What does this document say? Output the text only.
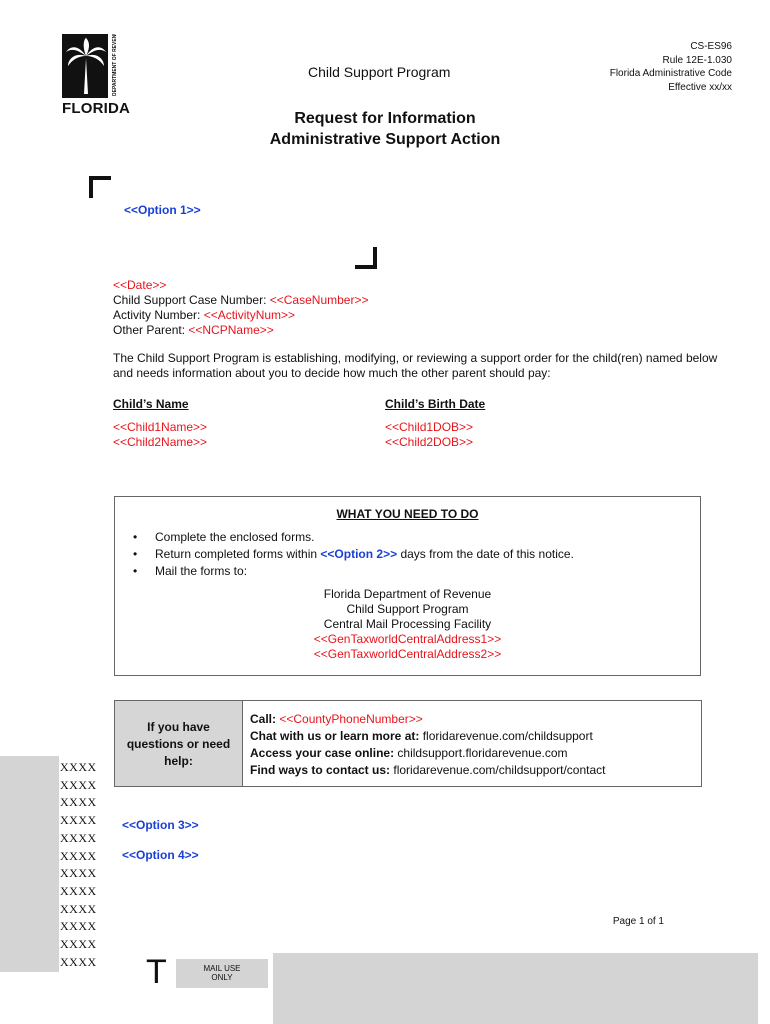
DEPARTMENT OF REVENUE
FLORIDA
Child Support Program
CS-ES96
Rule 12E-1.030
Florida Administrative Code
Effective xx/xx
Request for Information
Administrative Support Action
<<Option 1>>
<<Date>>
Child Support Case Number: <<CaseNumber>>
Activity Number: <<ActivityNum>>
Other Parent: <<NCPName>>
The Child Support Program is establishing, modifying, or reviewing a support order for the child(ren) named below and needs information about you to decide how much the other parent should pay:
Child’s Name	Child’s Birth Date
<<Child1Name>>
<<Child2Name>>
<<Child1DOB>>
<<Child2DOB>>
WHAT YOU NEED TO DO
• Complete the enclosed forms.
• Return completed forms within <<Option 2>> days from the date of this notice.
• Mail the forms to:
Florida Department of Revenue
Child Support Program
Central Mail Processing Facility
<<GenTaxworldCentralAddress1>>
<<GenTaxworldCentralAddress2>>
If you have
questions or need
help:
Call: <<CountyPhoneNumber>>
Chat with us or learn more at: floridarevenue.com/childsupport
Access your case online: childsupport.floridarevenue.com
Find ways to contact us: floridarevenue.com/childsupport/contact
<<Option 3>>
<<Option 4>>
Page 1 of 1
XXXX
XXXX
XXXX
XXXX
XXXX
XXXX
XXXX
XXXX
XXXX
XXXX
XXXX
XXXX T	MAIL USE
ONLY
